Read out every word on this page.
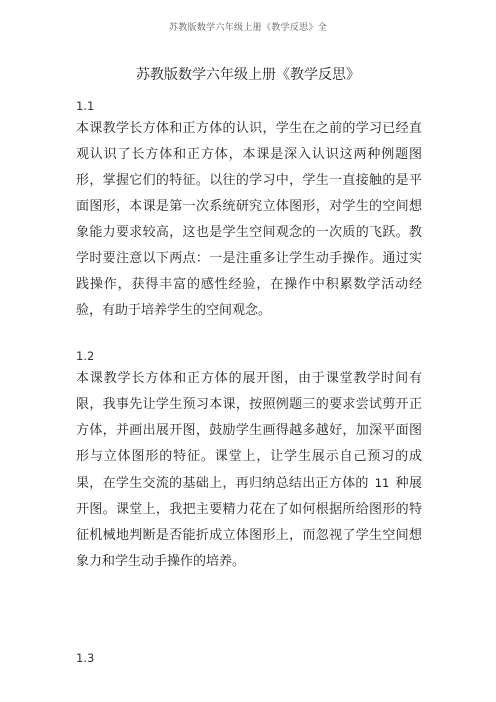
苏教版数学六年级上册《教学反思》全
苏教版数学六年级上册《教学反思》
1.1

本课教学长方体和正方体的认识，学生在之前的学习已经直观认识了长方体和正方体，本课是深入认识这两种例题图形，掌握它们的特征。以往的学习中，学生一直接触的是平面图形，本课是第一次系统研究立体图形，对学生的空间想象能力要求较高，这也是学生空间观念的一次质的飞跃。教学时要注意以下两点：一是注重多让学生动手操作。通过实践操作，获得丰富的感性经验，在操作中积累数学活动经验，有助于培养学生的空间观念。

1.2

本课教学长方体和正方体的展开图，由于课堂教学时间有限，我事先让学生预习本课，按照例题三的要求尝试剪开正方体，并画出展开图，鼓励学生画得越多越好，加深平面图形与立体图形的特征。课堂上，让学生展示自己预习的成果，在学生交流的基础上，再归纳总结出正方体的 11 种展开图。课堂上，我把主要精力花在了如何根据所给图形的特征机械地判断是否能折成立体图形上，而忽视了学生空间想象力和学生动手操作的培养。

1.3
